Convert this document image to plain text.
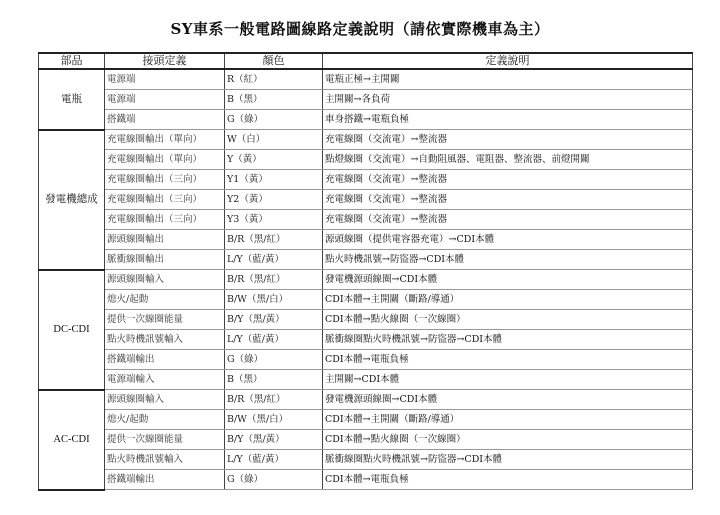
SY車系一般電路圖線路定義說明（請依實際機車為主）
部品	接頭定義	顏色	定義說明
電瓶	電源端	R（紅）	電瓶正極→主開關
	電源端	B（黑）	主開關→各負荷
	搭鐵端	G（綠）	車身搭鐵→電瓶負極
發電機總成	充電線圈輸出（單向）	W（白）	充電線圈（交流電）→整流器
	充電線圈輸出（單向）	Y（黃）	點燈線圈（交流電）→自動阻風器、電阻器、整流器、前燈開關
	充電線圈輸出（三向）	Y1（黃）	充電線圈（交流電）→整流器
	充電線圈輸出（三向）	Y2（黃）	充電線圈（交流電）→整流器
	充電線圈輸出（三向）	Y3（黃）	充電線圈（交流電）→整流器
	源頭線圈輸出	B/R（黑/紅）	源頭線圈（提供電容器充電）→CDI本體
	脈衝線圈輸出	L/Y（藍/黃）	點火時機訊號→防盜器→CDI本體
DC-CDI	源頭線圈輸入	B/R（黑/紅）	發電機源頭線圈→CDI本體
	熄火/起動	B/W（黑/白）	CDI本體→主開關（斷路/導通）
	提供一次線圈能量	B/Y（黑/黃）	CDI本體→點火線圈（一次線圈）
	點火時機訊號輸入	L/Y（藍/黃）	脈衝線圈點火時機訊號→防盜器→CDI本體
	搭鐵端輸出	G（綠）	CDI本體→電瓶負極
	電源端輸入	B（黑）	主開關→CDI本體
AC-CDI	源頭線圈輸入	B/R（黑/紅）	發電機源頭線圈→CDI本體
	熄火/起動	B/W（黑/白）	CDI本體→主開關（斷路/導通）
	提供一次線圈能量	B/Y（黑/黃）	CDI本體→點火線圈（一次線圈）
	點火時機訊號輸入	L/Y（藍/黃）	脈衝線圈點火時機訊號→防盜器→CDI本體
	搭鐵端輸出	G（綠）	CDI本體→電瓶負極
